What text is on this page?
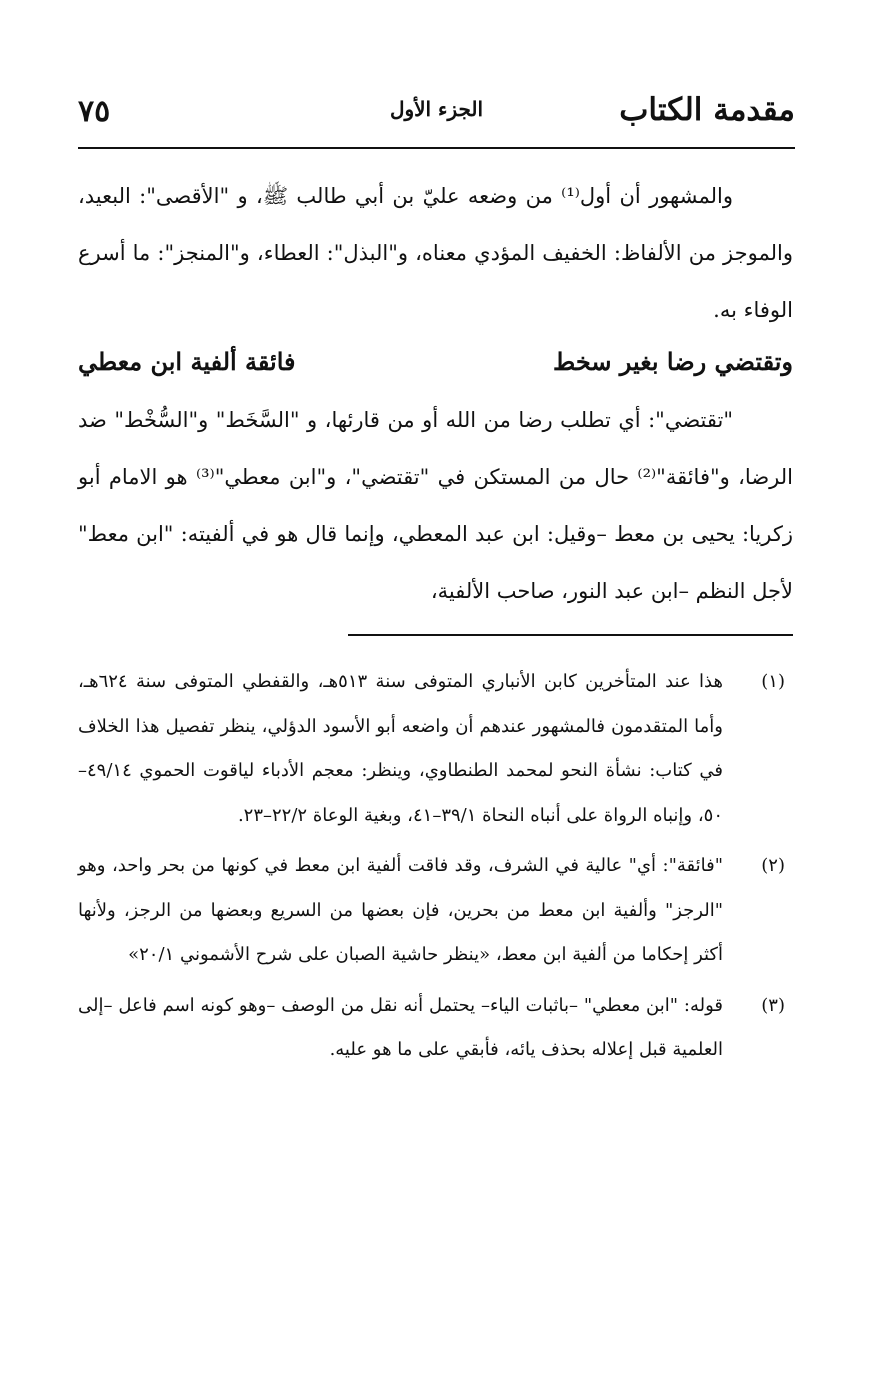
مقدمة الكتاب
الجزء الأول
٧٥

والمشهور أن أول⁽¹⁾ من وضعه عليّ بن أبي طالب ﷺ، و "الأقصى": البعيد، والموجز من الألفاظ: الخفيف المؤدي معناه، و"البذل": العطاء، و"المنجز": ما أسرع الوفاء به.

وتقتضي رضا بغير سخط
فائقة ألفية ابن معطي

"تقتضي": أي تطلب رضا من الله أو من قارئها، و "السَّخَط" و"السُّخْط" ضد الرضا، و"فائقة"⁽²⁾ حال من المستكن في "تقتضي"، و"ابن معطي"⁽³⁾ هو الامام أبو زكريا: يحيى بن معط –وقيل: ابن عبد المعطي، وإنما قال هو في ألفيته: "ابن معط" لأجل النظم –ابن عبد النور، صاحب الألفية،

(١)
هذا عند المتأخرين كابن الأنباري المتوفى سنة ٥١٣هـ، والقفطي المتوفى سنة ٦٢٤هـ، وأما المتقدمون فالمشهور عندهم أن واضعه أبو الأسود الدؤلي، ينظر تفصيل هذا الخلاف في كتاب: نشأة النحو لمحمد الطنطاوي، وينظر: معجم الأدباء لياقوت الحموي ٤٩/١٤–٥٠، وإنباه الرواة على أنباه النحاة ٣٩/١–٤١، وبغية الوعاة ٢٢/٢–٢٣.
(٢)
"فائقة": أي" عالية في الشرف، وقد فاقت ألفية ابن معط في كونها من بحر واحد، وهو "الرجز" وألفية ابن معط من بحرين، فإن بعضها من السريع وبعضها من الرجز، ولأنها أكثر إحكاما من ألفية ابن معط، «ينظر حاشية الصبان على شرح الأشموني ٢٠/١»
(٣)
قوله: "ابن معطي" –باثبات الياء– يحتمل أنه نقل من الوصف –وهو كونه اسم فاعل –إلى العلمية قبل إعلاله بحذف يائه، فأبقي على ما هو عليه.
